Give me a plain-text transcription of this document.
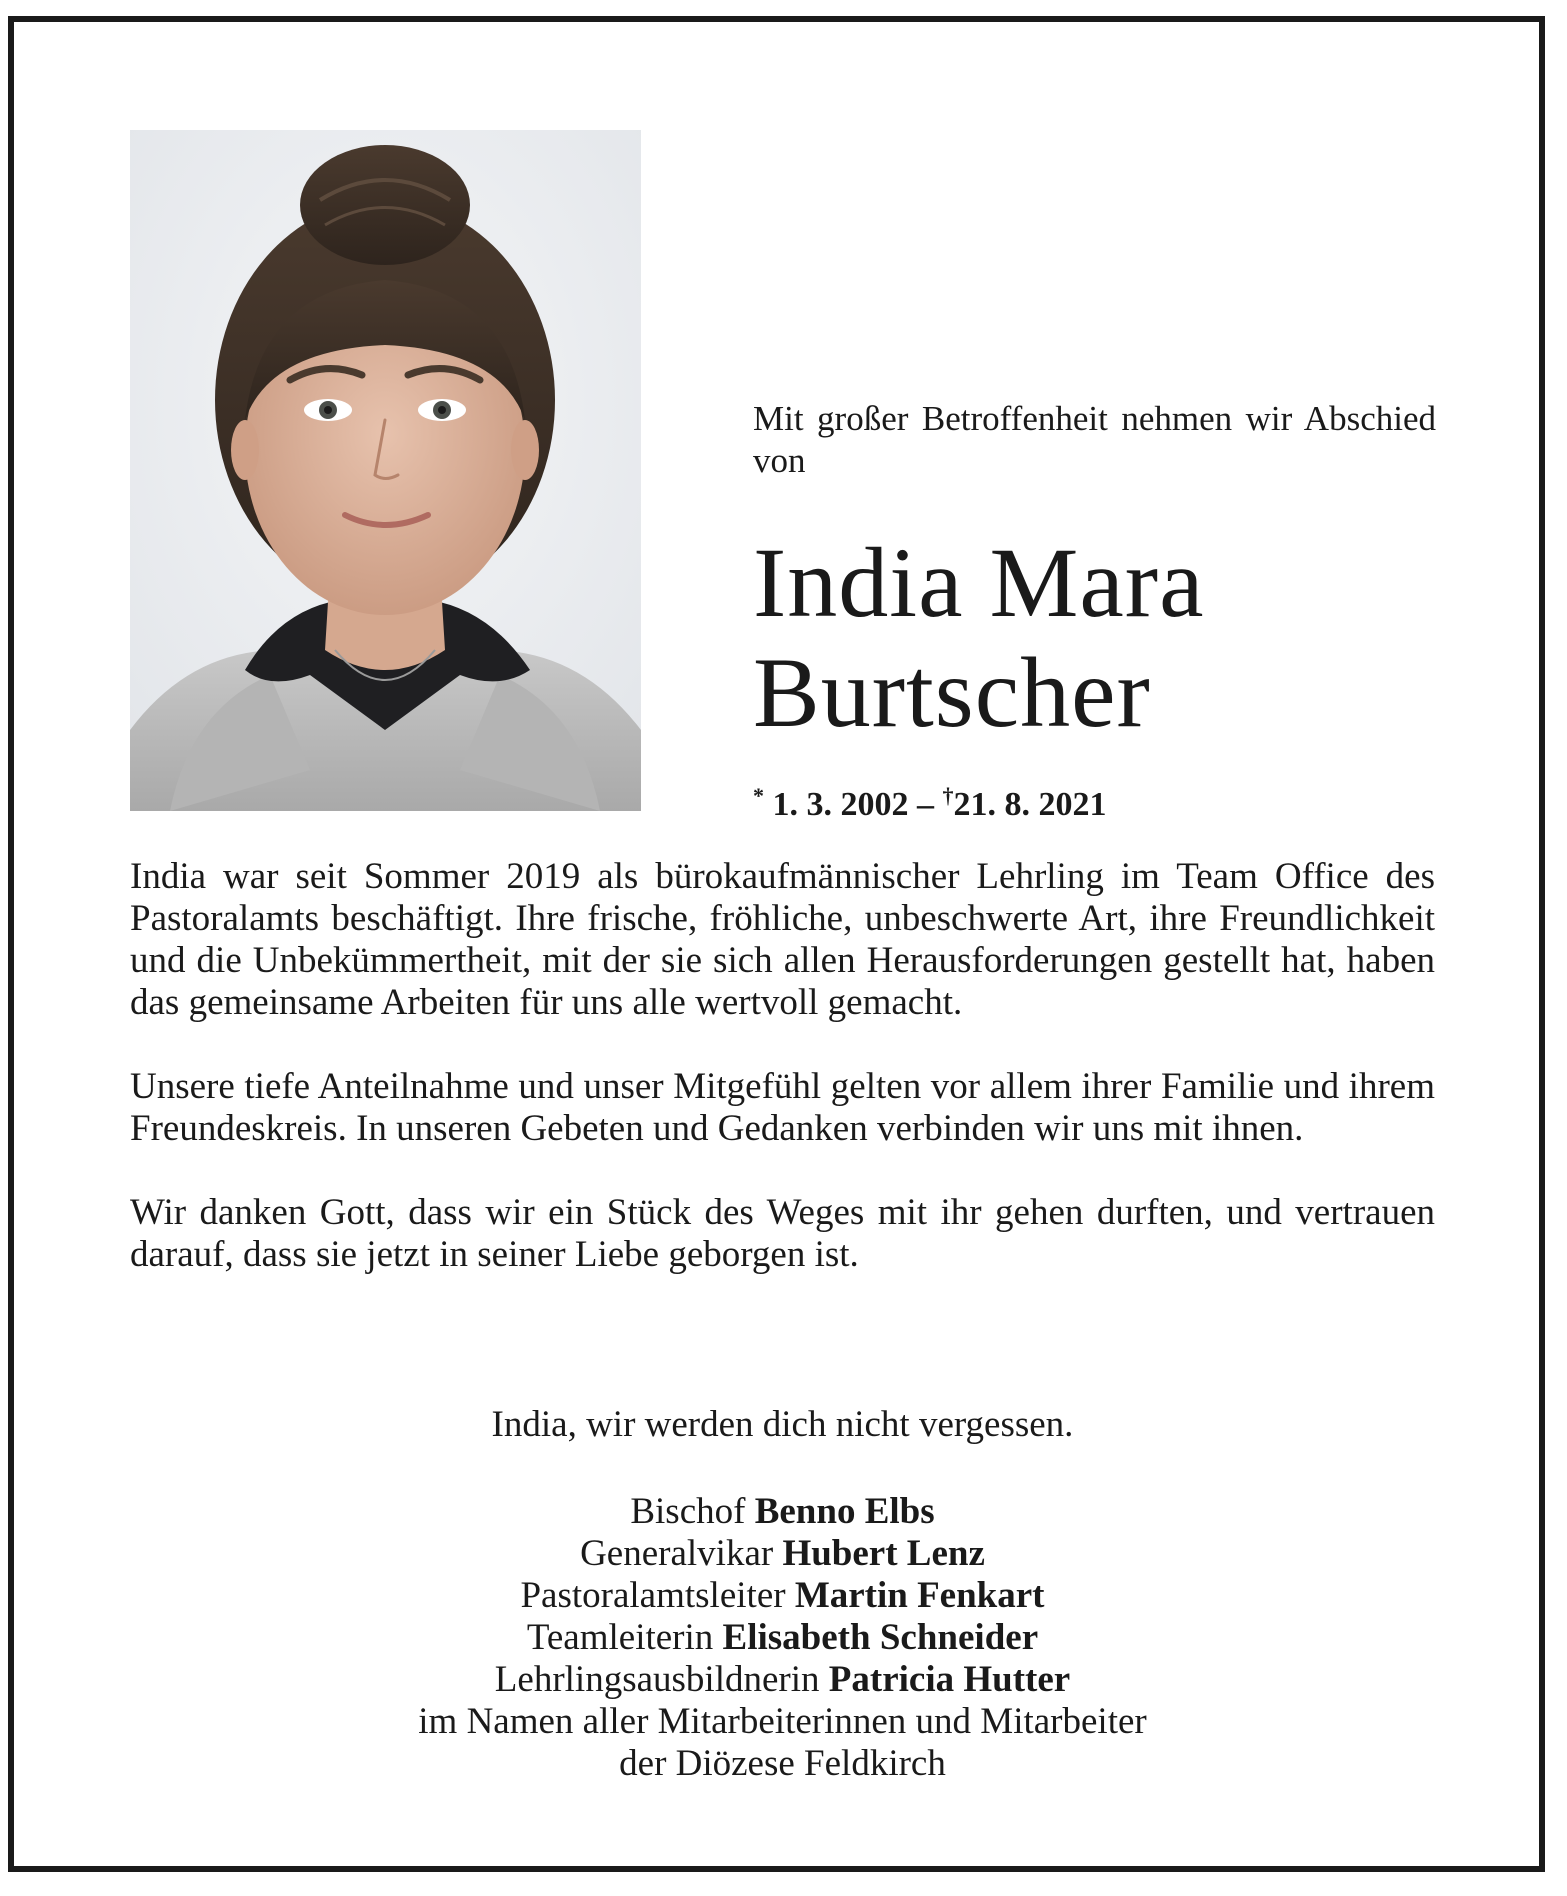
Mit großer Betroffenheit nehmen wir Abschied von
India Mara
Burtscher
* 1. 3. 2002 – †21. 8. 2021

India war seit Sommer 2019 als bürokaufmännischer Lehrling im Team Office des Pastoralamts beschäftigt. Ihre frische, fröhliche, unbeschwerte Art, ihre Freundlichkeit und die Unbekümmertheit, mit der sie sich allen Herausforderungen gestellt hat, haben das gemeinsame Arbeiten für uns alle wertvoll gemacht.

Unsere tiefe Anteilnahme und unser Mitgefühl gelten vor allem ihrer Familie und ihrem Freundeskreis. In unseren Gebeten und Gedanken verbinden wir uns mit ihnen.

Wir danken Gott, dass wir ein Stück des Weges mit ihr gehen durften, und vertrauen darauf, dass sie jetzt in seiner Liebe geborgen ist.

India, wir werden dich nicht vergessen.
Bischof Benno Elbs
Generalvikar Hubert Lenz
Pastoralamtsleiter Martin Fenkart
Teamleiterin Elisabeth Schneider
Lehrlingsausbildnerin Patricia Hutter
im Namen aller Mitarbeiterinnen und Mitarbeiter
der Diözese Feldkirch
